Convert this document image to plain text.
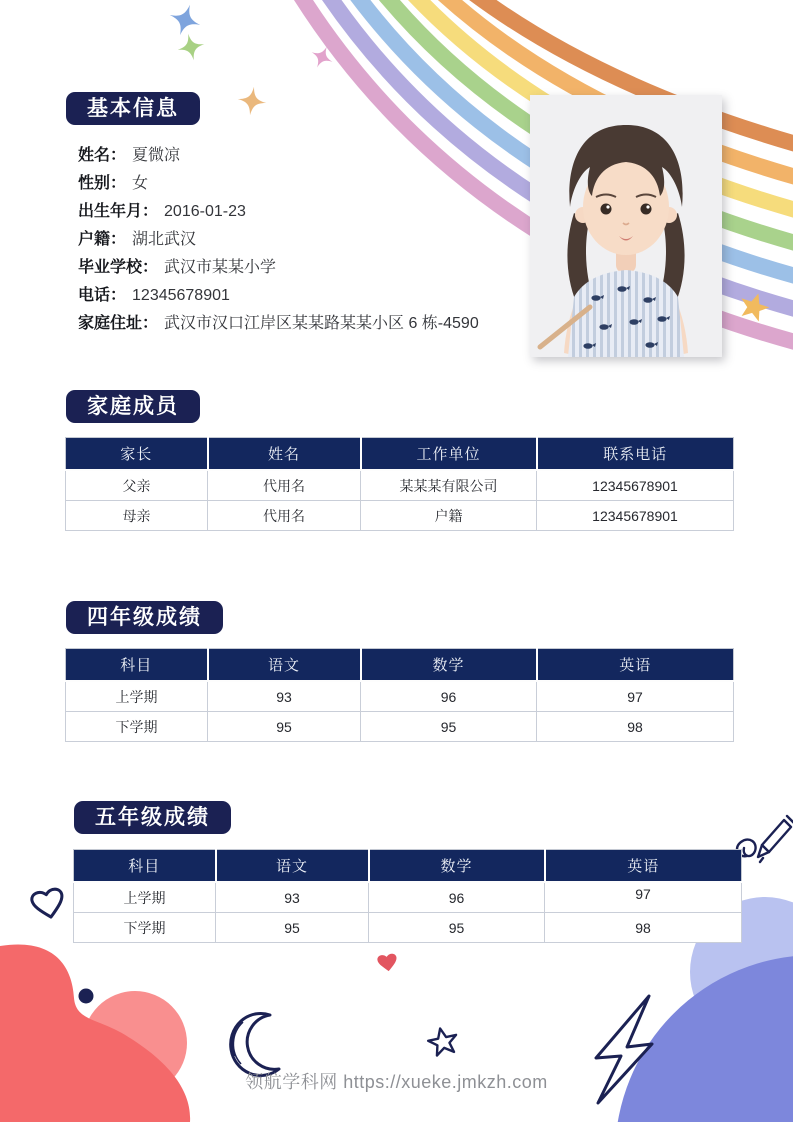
基本信息
姓名： 夏微凉
性别： 女
出生年月： 2016-01-23
户籍： 湖北武汉
毕业学校： 武汉市某某小学
电话： 12345678901
家庭住址： 武汉市汉口江岸区某某路某某小区 6 栋-4590
家庭成员
家长	姓名	工作单位	联系电话
父亲	代用名	某某某有限公司	12345678901
母亲	代用名	户籍	12345678901
四年级成绩
科目	语文	数学	英语
上学期	93	96	97
下学期	95	95	98
五年级成绩
科目	语文	数学	英语
上学期	93	96	97
下学期	95	95	98
领航学科网 https://xueke.jmkzh.com
